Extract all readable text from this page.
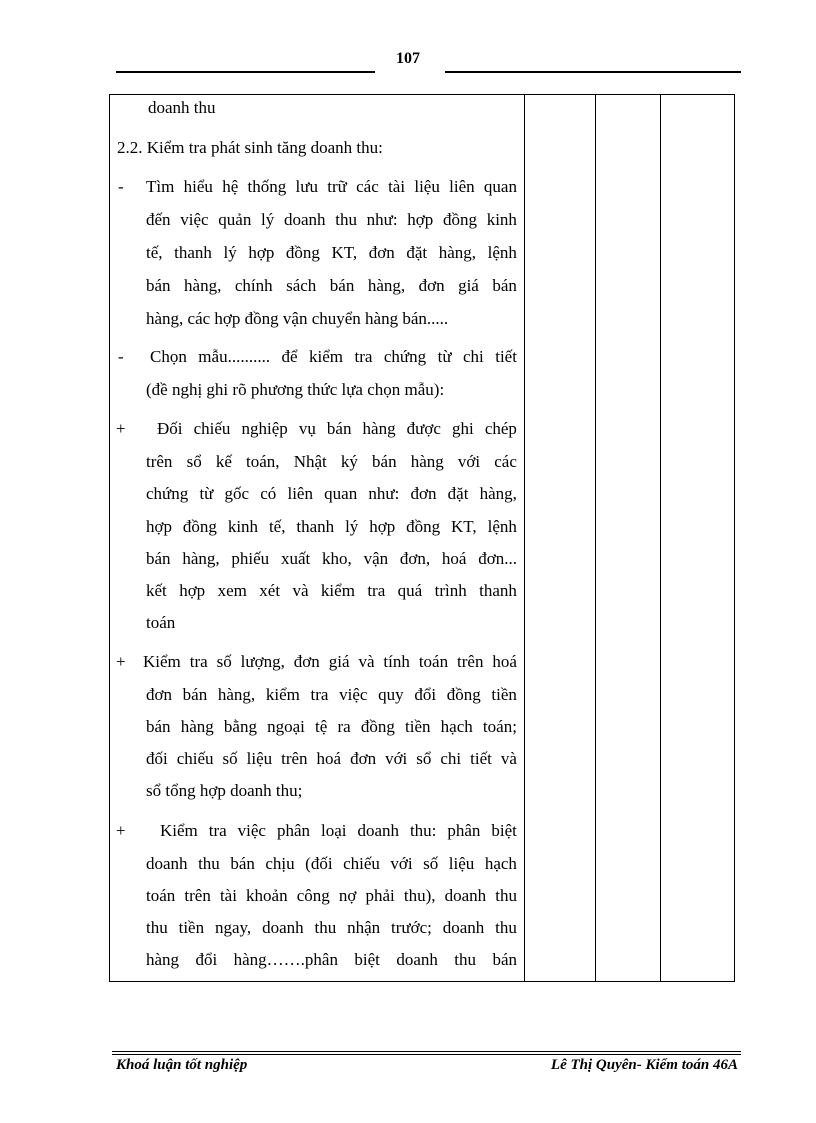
107
doanh thu
2.2. Kiểm tra phát sinh tăng doanh thu:
- Tìm hiểu hệ thống lưu trữ các tài liệu liên quan
đến việc quản lý doanh thu như: hợp đồng kinh
tế, thanh lý hợp đồng KT, đơn đặt hàng, lệnh
bán hàng, chính sách bán hàng, đơn giá bán
hàng, các hợp đồng vận chuyển hàng bán.....
- Chọn mẫu.......... để kiểm tra chứng từ chi tiết
(đề nghị ghi rõ phương thức lựa chọn mẫu):
+ Đối chiếu nghiệp vụ bán hàng được ghi chép
trên sổ kế toán, Nhật ký bán hàng với các
chứng từ gốc có liên quan như: đơn đặt hàng,
hợp đồng kinh tế, thanh lý hợp đồng KT, lệnh
bán hàng, phiếu xuất kho, vận đơn, hoá đơn...
kết hợp xem xét và kiểm tra quá trình thanh
toán
+ Kiểm tra số lượng, đơn giá và tính toán trên hoá
đơn bán hàng, kiểm tra việc quy đổi đồng tiền
bán hàng bằng ngoại tệ ra đồng tiền hạch toán;
đối chiếu số liệu trên hoá đơn với sổ chi tiết và
sổ tổng hợp doanh thu;
+ Kiểm tra việc phân loại doanh thu: phân biệt
doanh thu bán chịu (đối chiếu với số liệu hạch
toán trên tài khoản công nợ phải thu), doanh thu
thu tiền ngay, doanh thu nhận trước; doanh thu
hàng đổi hàng…….phân biệt doanh thu bán
Khoá luận tốt nghiệp	Lê Thị Quyên- Kiểm toán 46A
